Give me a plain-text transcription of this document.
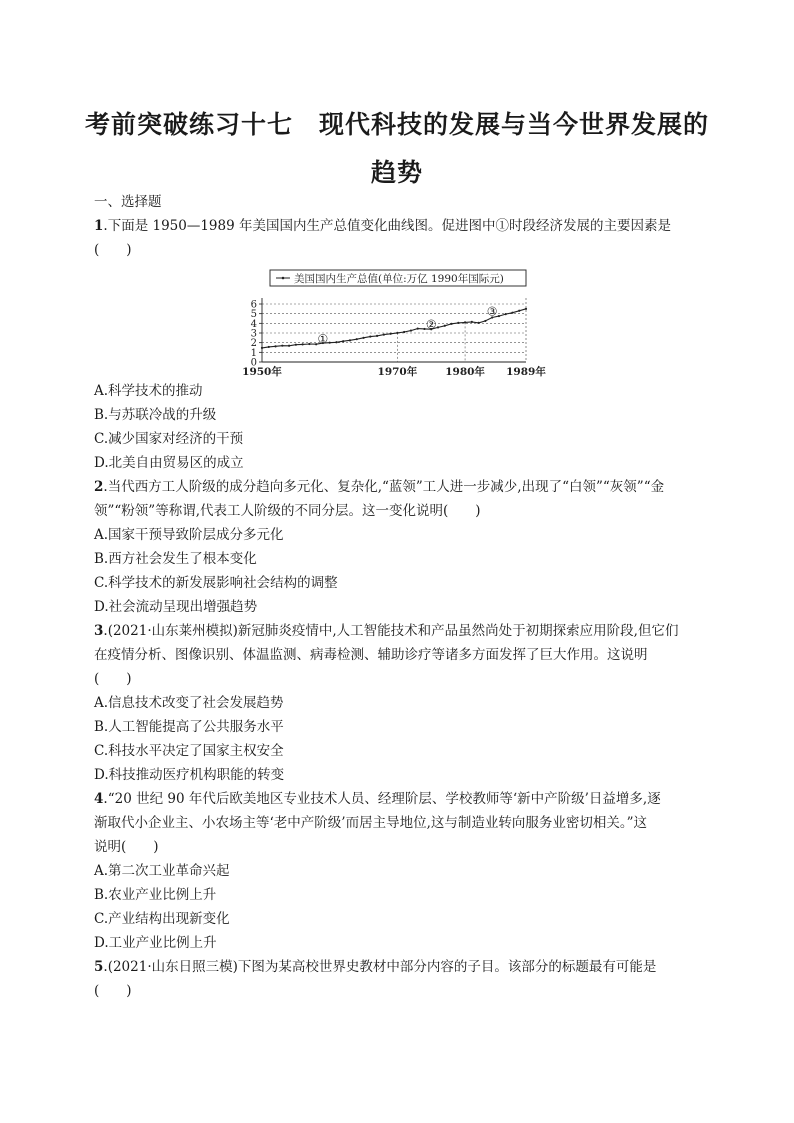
考前突破练习十七　现代科技的发展与当今世界发展的
趋势
一、选择题
1.下面是 1950—1989 年美国国内生产总值变化曲线图。促进图中①时段经济发展的主要因素是
(　　)
A.科学技术的推动
B.与苏联冷战的升级
C.减少国家对经济的干预
D.北美自由贸易区的成立
2.当代西方工人阶级的成分趋向多元化、复杂化,“蓝领”工人进一步减少,出现了“白领”“灰领”“金
领”“粉领”等称谓,代表工人阶级的不同分层。这一变化说明(　　)
A.国家干预导致阶层成分多元化
B.西方社会发生了根本变化
C.科学技术的新发展影响社会结构的调整
D.社会流动呈现出增强趋势
3.(2021·山东莱州模拟)新冠肺炎疫情中,人工智能技术和产品虽然尚处于初期探索应用阶段,但它们
在疫情分析、图像识别、体温监测、病毒检测、辅助诊疗等诸多方面发挥了巨大作用。这说明
(　　)
A.信息技术改变了社会发展趋势
B.人工智能提高了公共服务水平
C.科技水平决定了国家主权安全
D.科技推动医疗机构职能的转变
4.“20 世纪 90 年代后欧美地区专业技术人员、经理阶层、学校教师等‘新中产阶级’日益增多,逐
渐取代小企业主、小农场主等‘老中产阶级’而居主导地位,这与制造业转向服务业密切相关。”这
说明(　　)
A.第二次工业革命兴起
B.农业产业比例上升
C.产业结构出现新变化
D.工业产业比例上升
5.(2021·山东日照三模)下图为某高校世界史教材中部分内容的子目。该部分的标题最有可能是
(　　)
美国国内生产总值(单位:万亿 1990年国际元)
0
1
2
3
4
5
6
1950年	1970年	1980年 1989年
①
②
③
